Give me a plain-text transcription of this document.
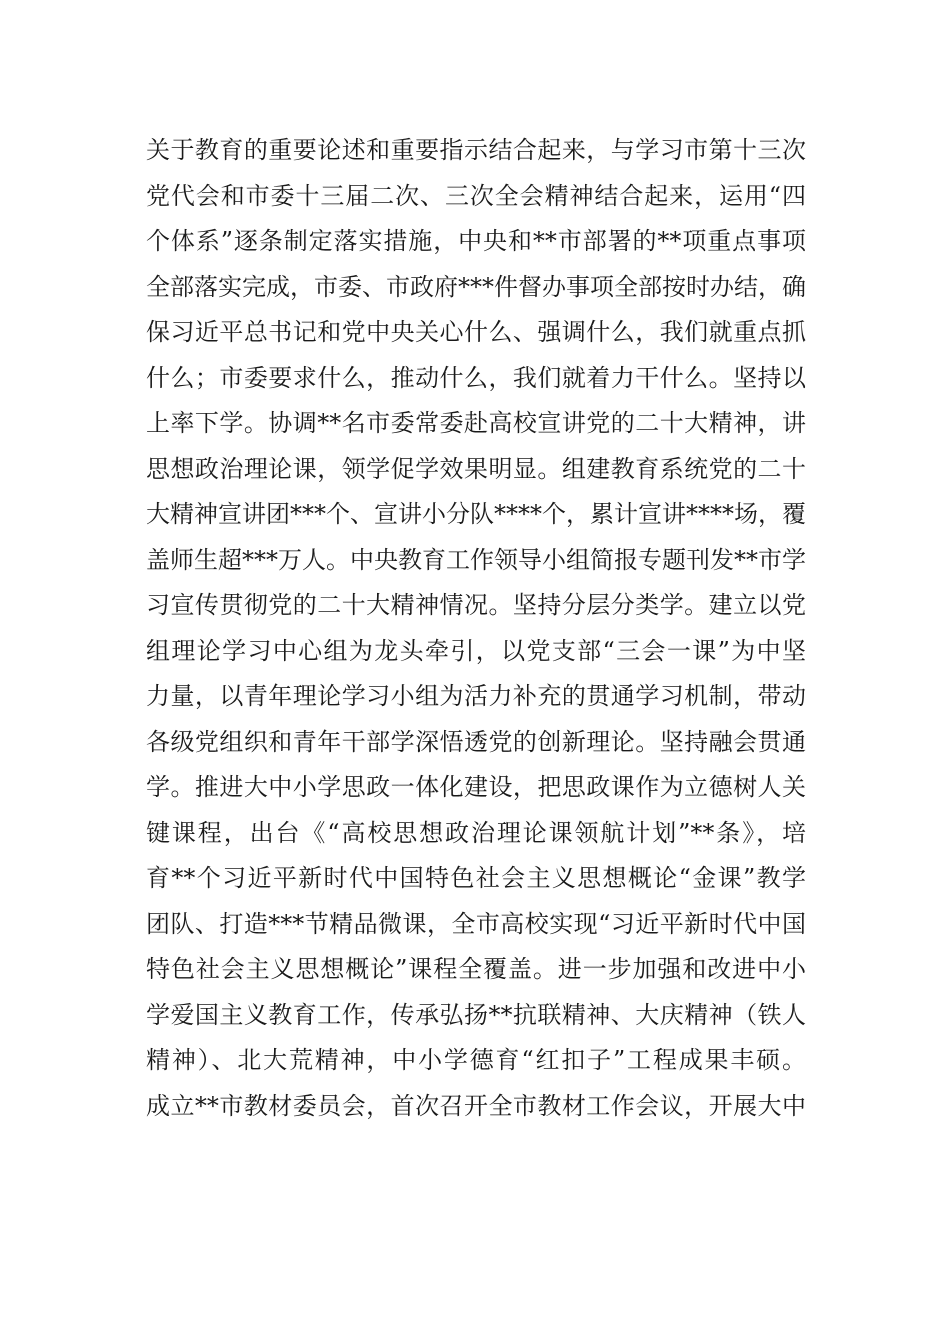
关于教育的重要论述和重要指示结合起来，与学习市第十三次
党代会和市委十三届二次、三次全会精神结合起来，运用“四
个体系”逐条制定落实措施，中央和**市部署的**项重点事项
全部落实完成，市委、市政府***件督办事项全部按时办结，确
保习近平总书记和党中央关心什么、强调什么，我们就重点抓
什么；市委要求什么，推动什么，我们就着力干什么。坚持以
上率下学。协调**名市委常委赴高校宣讲党的二十大精神，讲
思想政治理论课，领学促学效果明显。组建教育系统党的二十
大精神宣讲团***个、宣讲小分队****个，累计宣讲****场，覆
盖师生超***万人。中央教育工作领导小组简报专题刊发**市学
习宣传贯彻党的二十大精神情况。坚持分层分类学。建立以党
组理论学习中心组为龙头牵引，以党支部“三会一课”为中坚
力量，以青年理论学习小组为活力补充的贯通学习机制，带动
各级党组织和青年干部学深悟透党的创新理论。坚持融会贯通
学。推进大中小学思政一体化建设，把思政课作为立德树人关
键课程，出台《“高校思想政治理论课领航计划”**条》，培
育**个习近平新时代中国特色社会主义思想概论“金课”教学
团队、打造***节精品微课，全市高校实现“习近平新时代中国
特色社会主义思想概论”课程全覆盖。进一步加强和改进中小
学爱国主义教育工作，传承弘扬**抗联精神、大庆精神（铁人
精神）、北大荒精神，中小学德育“红扣子”工程成果丰硕。
成立**市教材委员会，首次召开全市教材工作会议，开展大中
